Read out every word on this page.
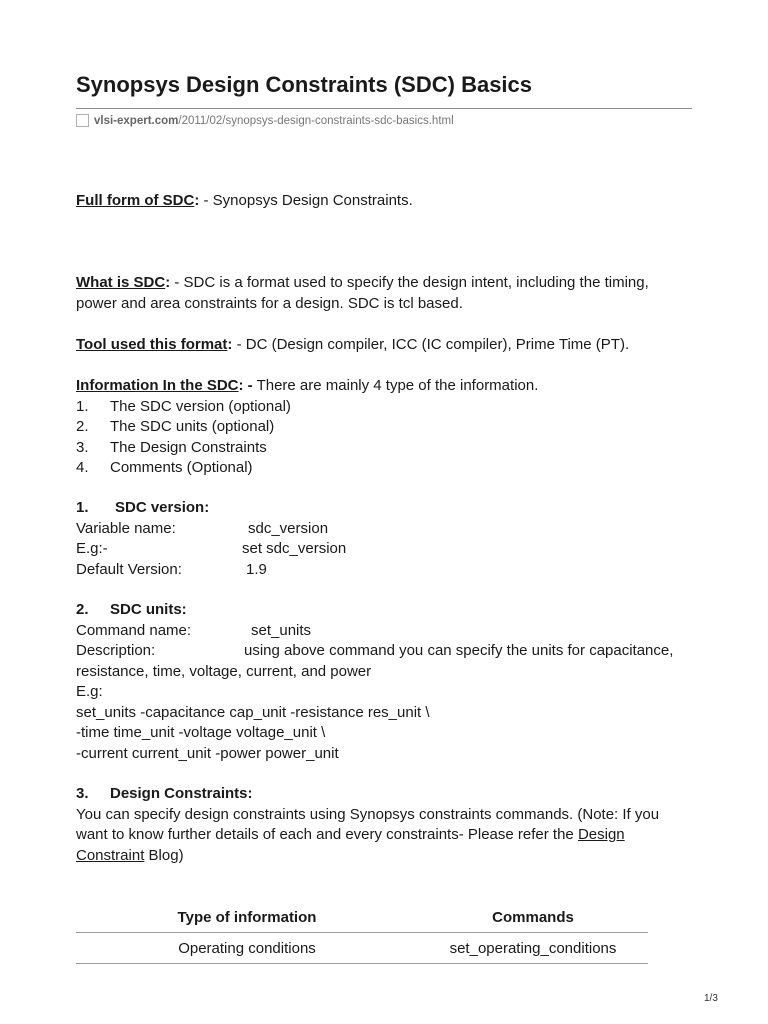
Synopsys Design Constraints (SDC) Basics
vlsi-expert.com/2011/02/synopsys-design-constraints-sdc-basics.html

Full form of SDC: - Synopsys Design Constraints.

What is SDC: - SDC is a format used to specify the design intent, including the timing,
power and area constraints for a design. SDC is tcl based.

Tool used this format: - DC (Design compiler, ICC (IC compiler), Prime Time (PT).

Information In the SDC: - There are mainly 4 type of the information.
1. The SDC version (optional)
2. The SDC units (optional)
3. The Design Constraints
4. Comments (Optional)
1. SDC version:
Variable name:	sdc_version
E.g:-	set sdc_version
Default Version:	1.9
2. SDC units:
Command name:	set_units
Description:	using above command you can specify the units for capacitance,
resistance, time, voltage, current, and power
E.g:
set_units -capacitance cap_unit -resistance res_unit \
-time time_unit -voltage voltage_unit \
-current current_unit -power power_unit
3. Design Constraints:
You can specify design constraints using Synopsys constraints commands. (Note: If you
want to know further details of each and every constraints- Please refer the Design
Constraint Blog)
Type of information	Commands
Operating conditions	set_operating_conditions
1/3
